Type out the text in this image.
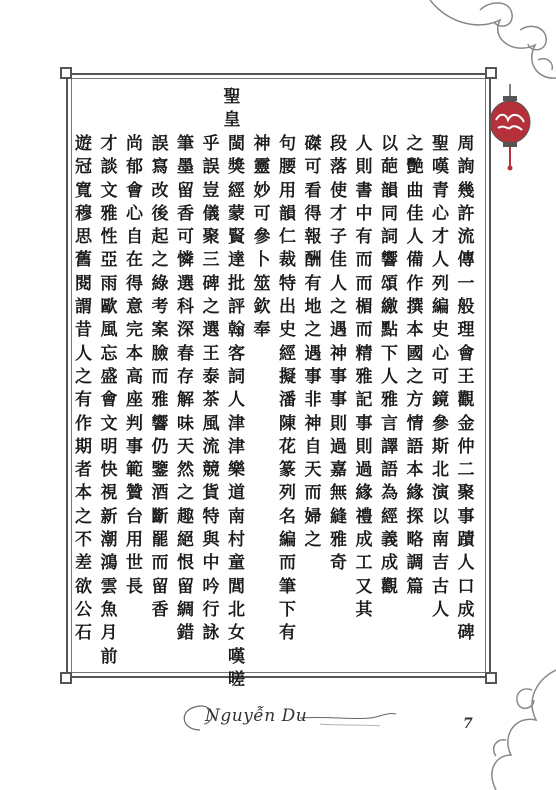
聖
皇
周
詢
幾
許
流
傳
一
般
理
會
王
觀
金
仲
二
聚
事
蹟
人
口
成
碑
聖
嘆
青
心
才
人
列
編
史
心
可
鏡
參
斯
北
演
以
南
吉
古
人
之
艷
曲
佳
人
備
作
撰
本
國
之
方
情
語
本
緣
探
略
調
篇
以
葩
韻
同
詞
響
頌
繳
點
下
人
雅
言
譯
語
為
經
義
成
觀
人
則
書
中
有
而
而
楣
而
精
雅
記
事
則
過
緣
禮
成
工
又
其
段
落
使
才
子
佳
人
之
遇
神
事
事
則
過
嘉
無
縫
雅
奇
磔
可
看
得
報
酬
有
地
之
遇
事
非
神
自
天
而
婦
之
句
腰
用
韻
仁
裁
特
出
史
經
擬
潘
陳
花
篆
列
名
編
而
筆
下
有
神
靈
妙
可
參
卜
筮
欽
奉
閩
獎
經
蒙
賢
達
批
評
翰
客
詞
人
津
津
樂
道
南
村
童
閭
北
女
嘆
嗟
乎
誤
豈
儀
聚
三
碑
之
選
王
泰
茶
風
流
競
貨
特
與
中
吟
行
詠
筆
墨
留
香
可
憐
選
科
深
春
存
解
味
天
然
之
趣
絕
恨
留
綢
錯
誤
寫
改
後
起
之
綠
考
案
臉
而
雅
響
仍
鑒
酒
斷
罷
而
留
香
尚
郁
會
心
自
在
得
意
完
本
高
座
判
事
範
贊
台
用
世
長
才
談
文
雅
性
亞
雨
歐
風
忘
盛
會
文
明
快
視
新
潮
鴻
雲
魚
月
前
遊
冠
寬
穆
思
舊
閱
謂
昔
人
之
有
作
期
者
本
之
不
差
欲
公
石
Nguyễn Du	7
